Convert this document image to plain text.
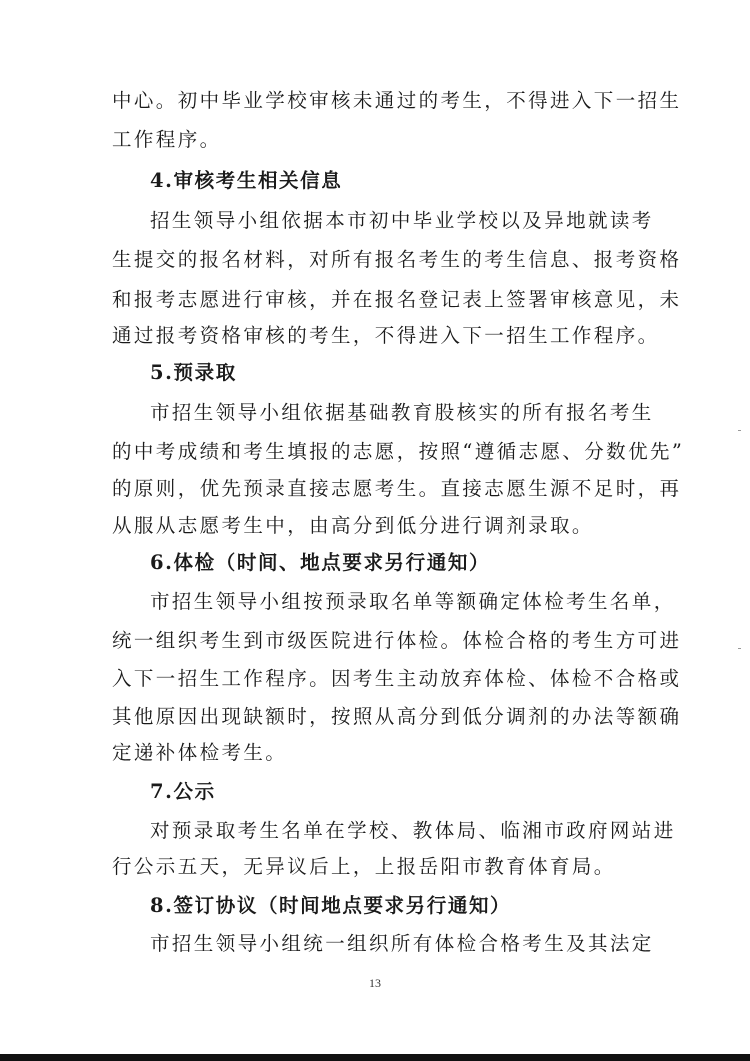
中心。初中毕业学校审核未通过的考生，不得进入下一招生
工作程序。
4.审核考生相关信息
招生领导小组依据本市初中毕业学校以及异地就读考
生提交的报名材料，对所有报名考生的考生信息、报考资格
和报考志愿进行审核，并在报名登记表上签署审核意见，未
通过报考资格审核的考生，不得进入下一招生工作程序。
5.预录取
市招生领导小组依据基础教育股核实的所有报名考生
的中考成绩和考生填报的志愿，按照“遵循志愿、分数优先”
的原则，优先预录直接志愿考生。直接志愿生源不足时，再
从服从志愿考生中，由高分到低分进行调剂录取。
6.体检（时间、地点要求另行通知）
市招生领导小组按预录取名单等额确定体检考生名单，
统一组织考生到市级医院进行体检。体检合格的考生方可进
入下一招生工作程序。因考生主动放弃体检、体检不合格或
其他原因出现缺额时，按照从高分到低分调剂的办法等额确
定递补体检考生。
7.公示
对预录取考生名单在学校、教体局、临湘市政府网站进
行公示五天，无异议后上，上报岳阳市教育体育局。
8.签订协议（时间地点要求另行通知）
市招生领导小组统一组织所有体检合格考生及其法定
13
